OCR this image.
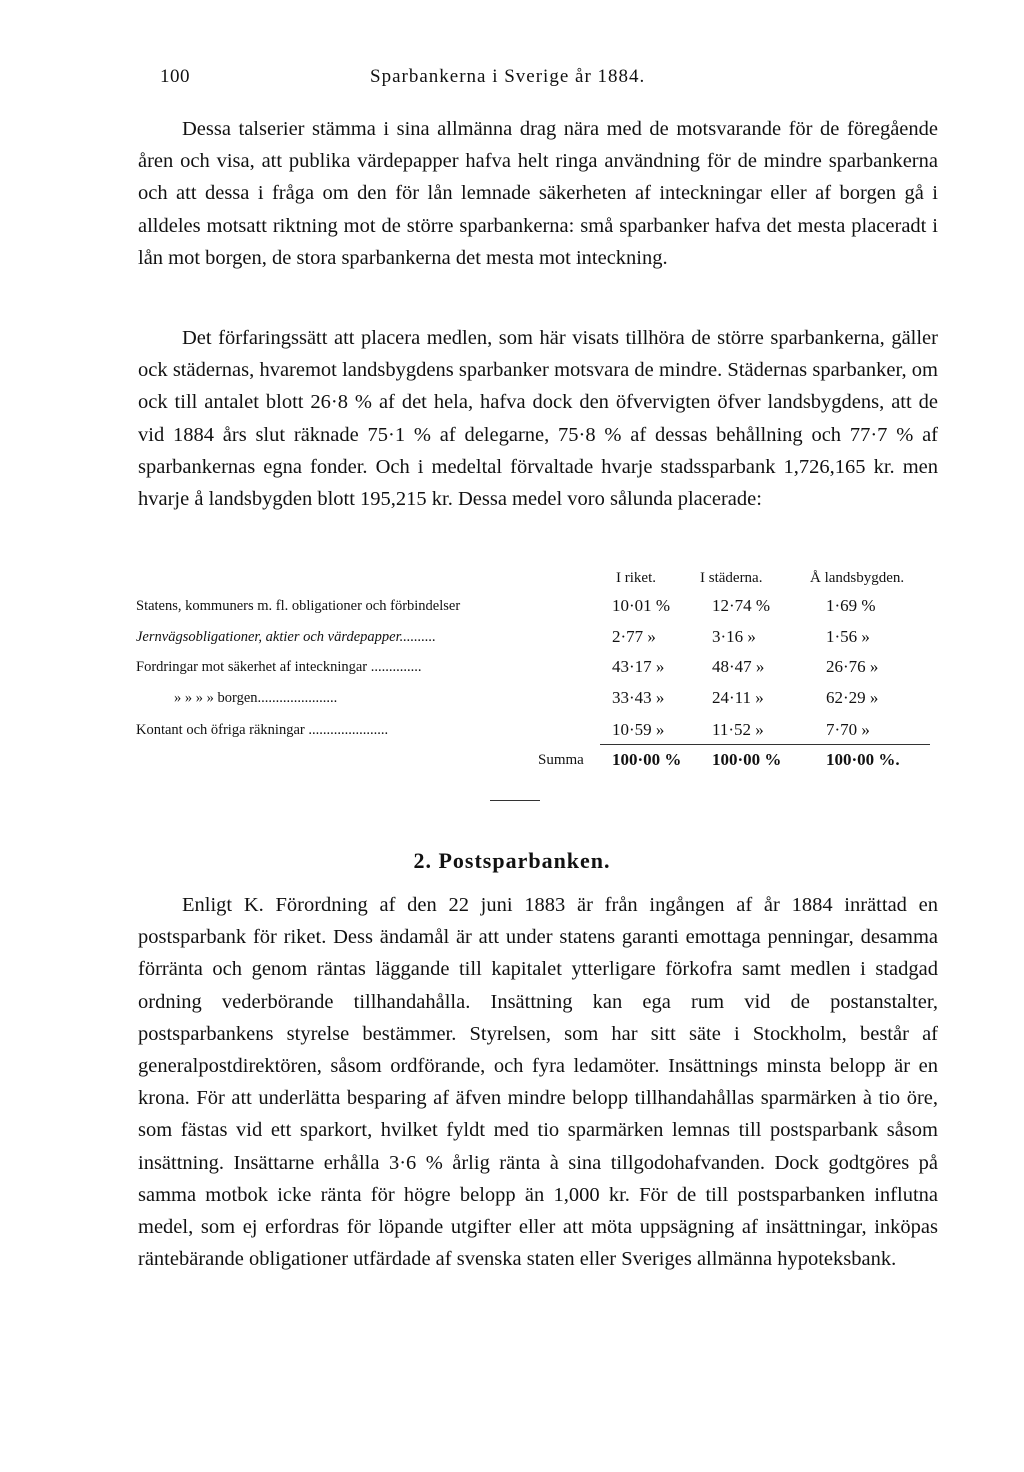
100	Sparbankerna i Sverige år 1884.

Dessa talserier stämma i sina allmänna drag nära med de motsvarande för de föregående åren och visa, att publika värdepapper hafva helt ringa användning för de mindre sparbankerna och att dessa i fråga om den för lån lemnade säkerheten af inteckningar eller af borgen gå i alldeles motsatt riktning mot de större sparbankerna: små sparbanker hafva det mesta placeradt i lån mot borgen, de stora sparbankerna det mesta mot inteckning.

Det förfaringssätt att placera medlen, som här visats tillhöra de större sparbankerna, gäller ock städernas, hvaremot landsbygdens sparbanker motsvara de mindre. Städernas sparbanker, om ock till antalet blott 26·8 % af det hela, hafva dock den öfvervigten öfver landsbygdens, att de vid 1884 års slut räknade 75·1 % af delegarne, 75·8 % af dessas behållning och 77·7 % af sparbankernas egna fonder. Och i medeltal förvaltade hvarje stadssparbank 1,726,165 kr. men hvarje å landsbygden blott 195,215 kr. Dessa medel voro sålunda placerade:

I riket.	I städerna.	Å landsbygden.
Statens, kommuners m. fl. obligationer och förbindelser	10·01 %	12·74 %	1·69 %
Jernvägsobligationer, aktier och värdepapper..........	2·77 »	3·16 »	1·56 »
Fordringar mot säkerhet af inteckningar ..............	43·17 »	48·47 »	26·76 »
» » » » borgen......................	33·43 »	24·11 »	62·29 »
Kontant och öfriga räkningar ......................	10·59 »	11·52 »	7·70 »
Summa 100·00 %	100·00 %	100·00 %.
2. Postsparbanken.

Enligt K. Förordning af den 22 juni 1883 är från ingången af år 1884 inrättad en postsparbank för riket. Dess ändamål är att under statens garanti emottaga penningar, desamma förränta och genom räntas läggande till kapitalet ytterligare förkofra samt medlen i stadgad ordning vederbörande tillhandahålla. Insättning kan ega rum vid de postanstalter, postsparbankens styrelse bestämmer. Styrelsen, som har sitt säte i Stockholm, består af generalpostdirektören, såsom ordförande, och fyra ledamöter. Insättnings minsta belopp är en krona. För att underlätta besparing af äfven mindre belopp tillhandahållas sparmärken à tio öre, som fästas vid ett sparkort, hvilket fyldt med tio sparmärken lemnas till postsparbank såsom insättning. Insättarne erhålla 3·6 % årlig ränta à sina tillgodohafvanden. Dock godtgöres på samma motbok icke ränta för högre belopp än 1,000 kr. För de till postsparbanken influtna medel, som ej erfordras för löpande utgifter eller att möta uppsägning af insättningar, inköpas räntebärande obligationer utfärdade af svenska staten eller Sveriges allmänna hypoteksbank.
